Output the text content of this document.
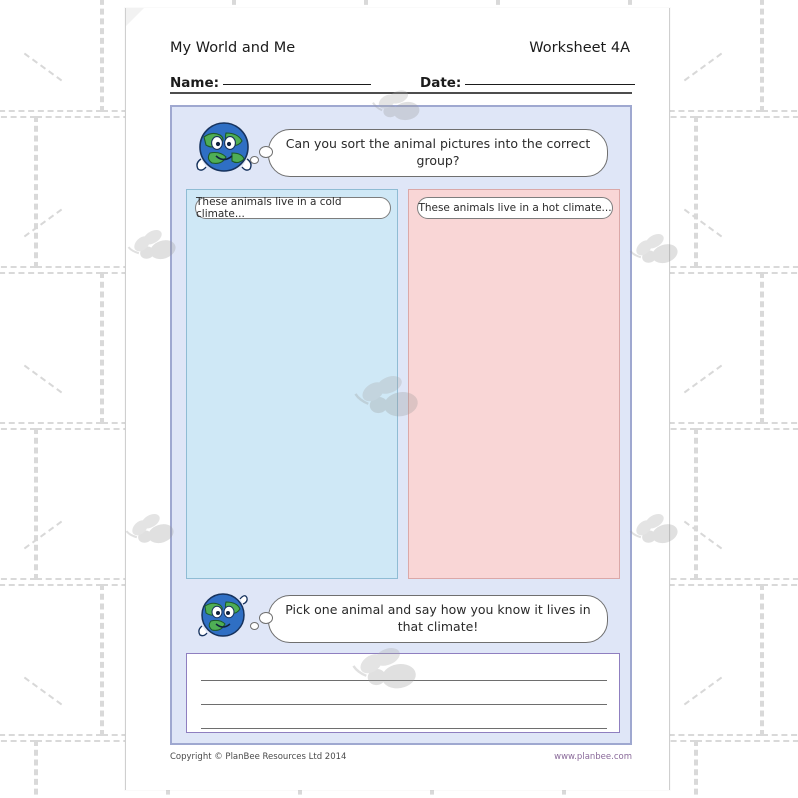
My World and Me	Worksheet 4A
Name:	Date:
Can you sort the animal pictures into the correct group?
These animals live in a cold climate...	These animals live in a hot climate...
Pick one animal and say how you know it lives in that climate!
Copyright © PlanBee Resources Ltd 2014	www.planbee.com
